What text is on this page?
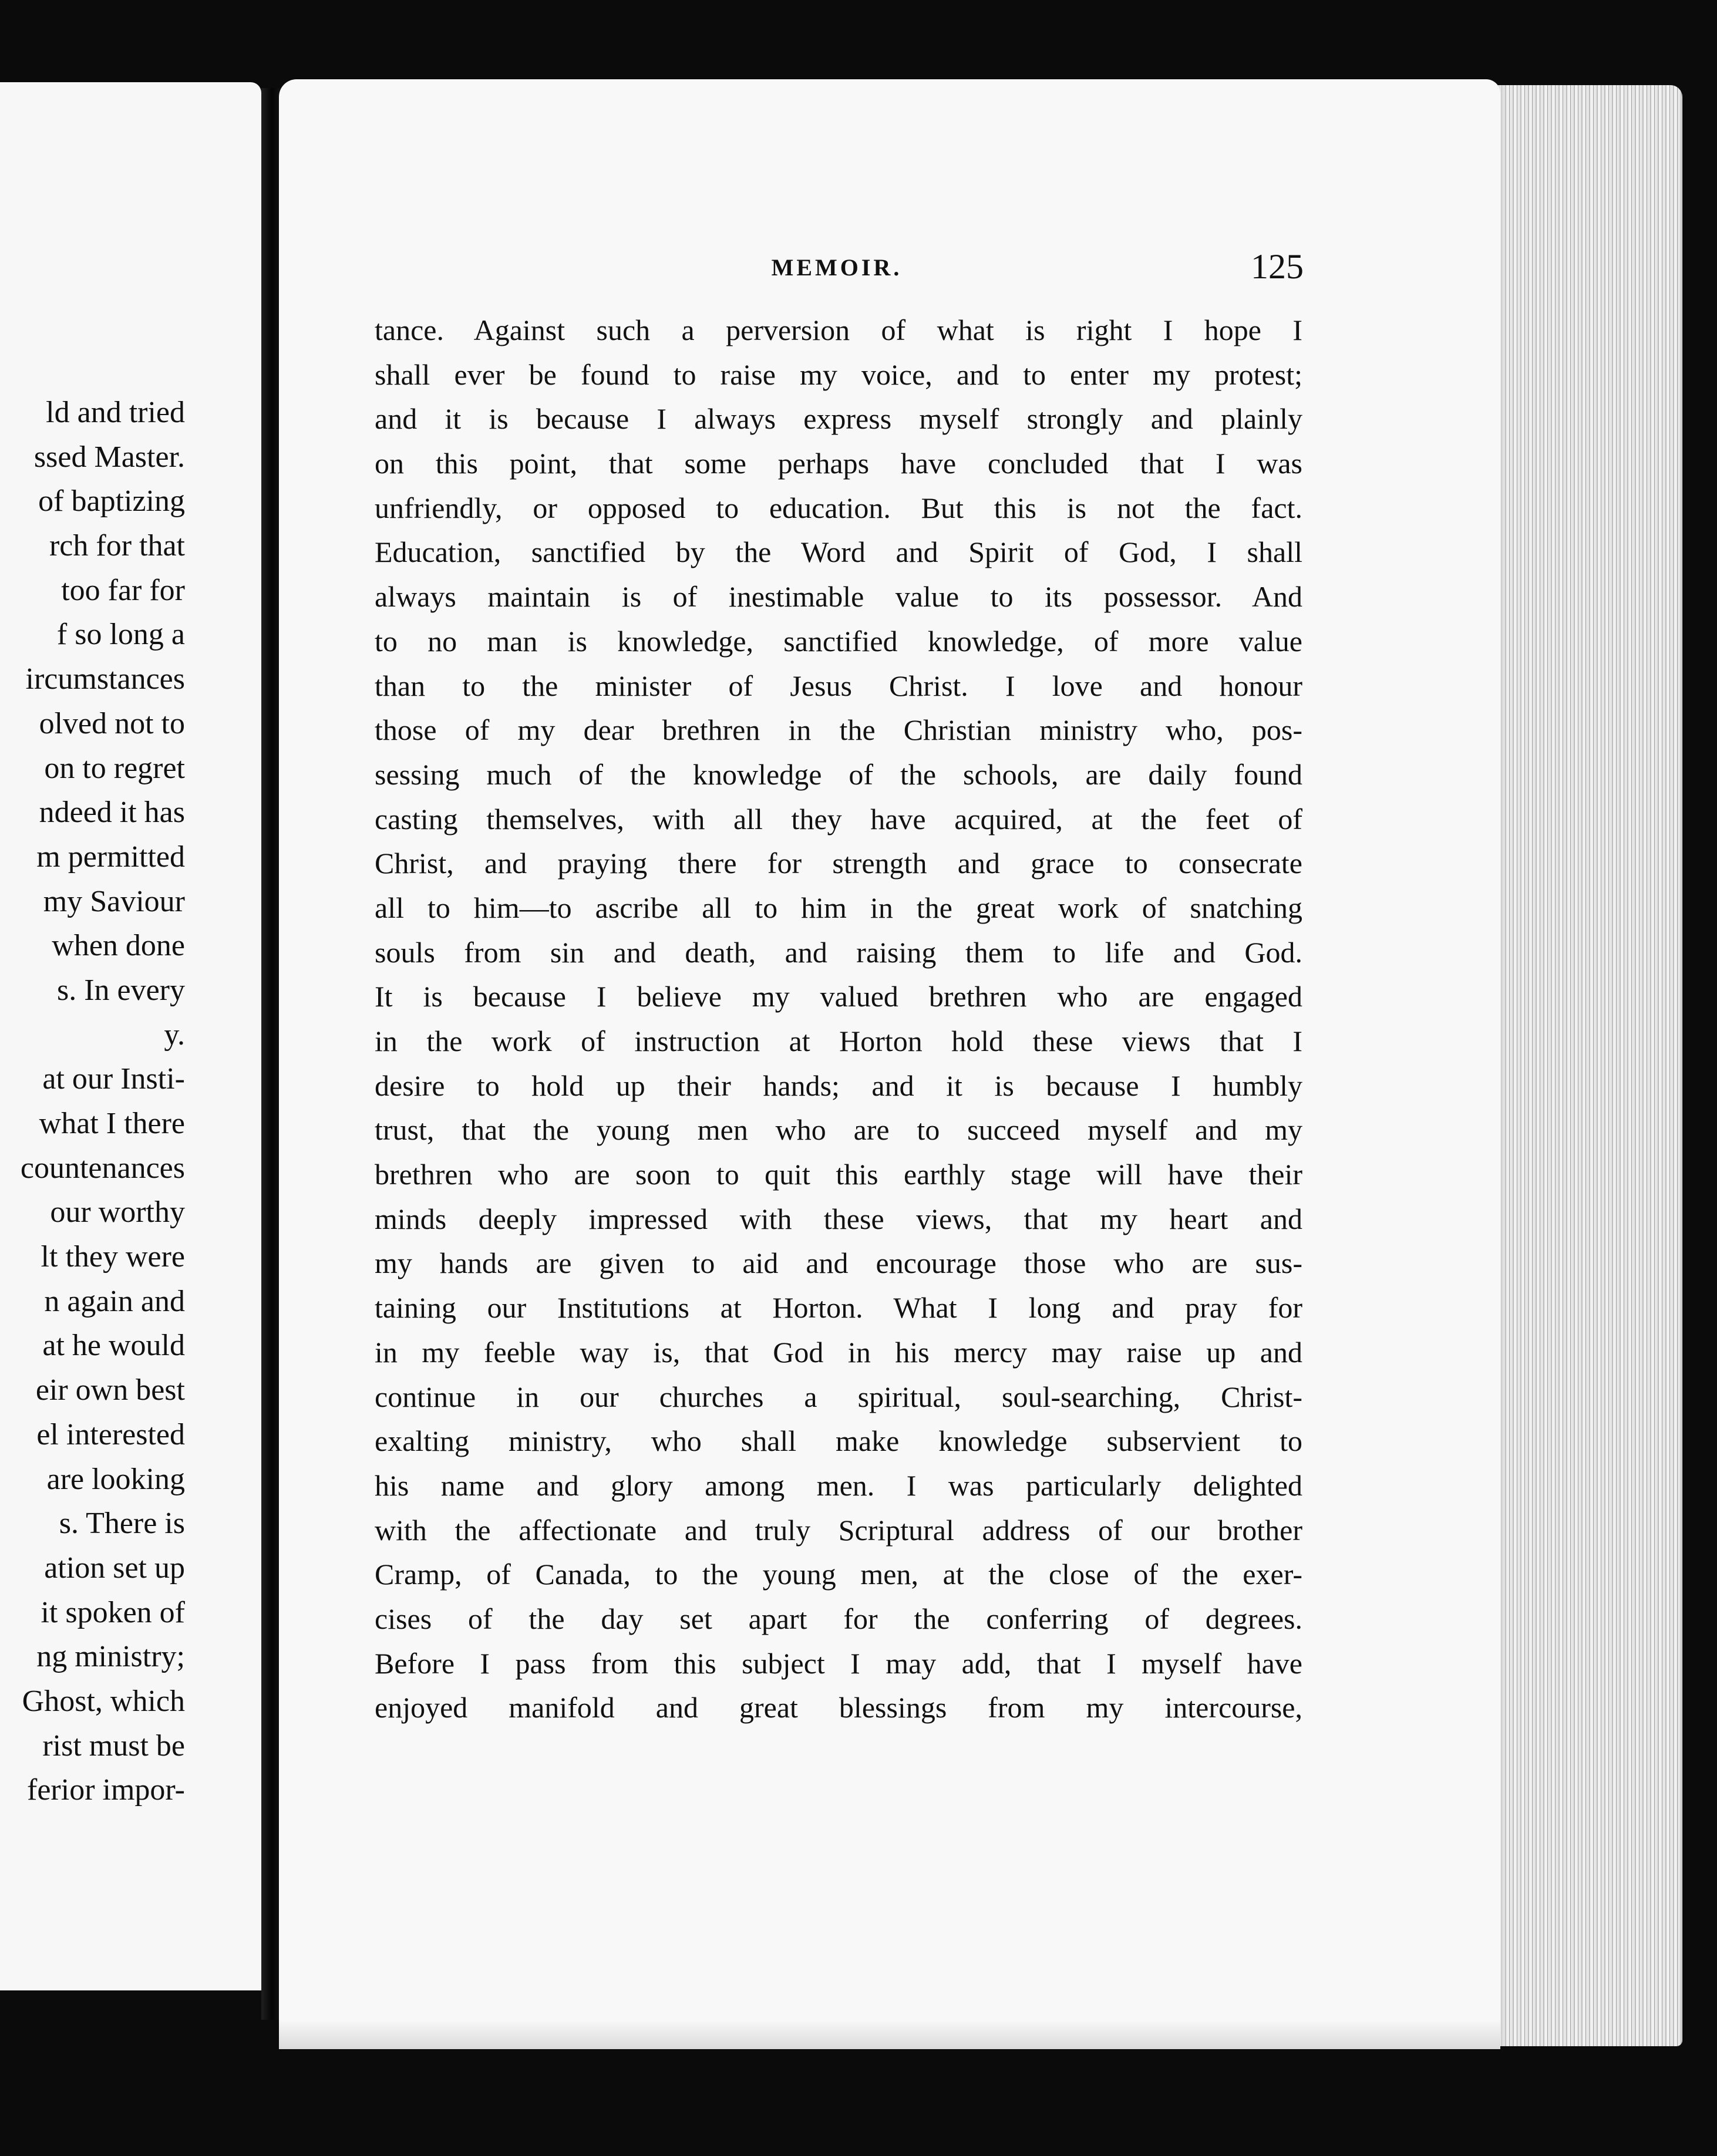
ld and tried
ssed Master.
of baptizing
rch for that
too far for
f so long a
ircumstances
olved not to
on to regret
ndeed it has
m permitted
my Saviour
when done
s. In every
y.
at our Insti-
what I there
countenances
our worthy
lt they were
n again and
at he would
eir own best
el interested
are looking
s. There is
ation set up
it spoken of
ng ministry;
Ghost, which
rist must be
ferior impor-
MEMOIR.	125
tance. Against such a perversion of what is right I hope I
shall ever be found to raise my voice, and to enter my protest;
and it is because I always express myself strongly and plainly
on this point, that some perhaps have concluded that I was
unfriendly, or opposed to education. But this is not the fact.
Education, sanctified by the Word and Spirit of God, I shall
always maintain is of inestimable value to its possessor. And
to no man is knowledge, sanctified knowledge, of more value
than to the minister of Jesus Christ. I love and honour
those of my dear brethren in the Christian ministry who, pos-
sessing much of the knowledge of the schools, are daily found
casting themselves, with all they have acquired, at the feet of
Christ, and praying there for strength and grace to consecrate
all to him—to ascribe all to him in the great work of snatching
souls from sin and death, and raising them to life and God.
It is because I believe my valued brethren who are engaged
in the work of instruction at Horton hold these views that I
desire to hold up their hands; and it is because I humbly
trust, that the young men who are to succeed myself and my
brethren who are soon to quit this earthly stage will have their
minds deeply impressed with these views, that my heart and
my hands are given to aid and encourage those who are sus-
taining our Institutions at Horton. What I long and pray for
in my feeble way is, that God in his mercy may raise up and
continue in our churches a spiritual, soul-searching, Christ-
exalting ministry, who shall make knowledge subservient to
his name and glory among men. I was particularly delighted
with the affectionate and truly Scriptural address of our brother
Cramp, of Canada, to the young men, at the close of the exer-
cises of the day set apart for the conferring of degrees.
Before I pass from this subject I may add, that I myself have
enjoyed manifold and great blessings from my intercourse,
